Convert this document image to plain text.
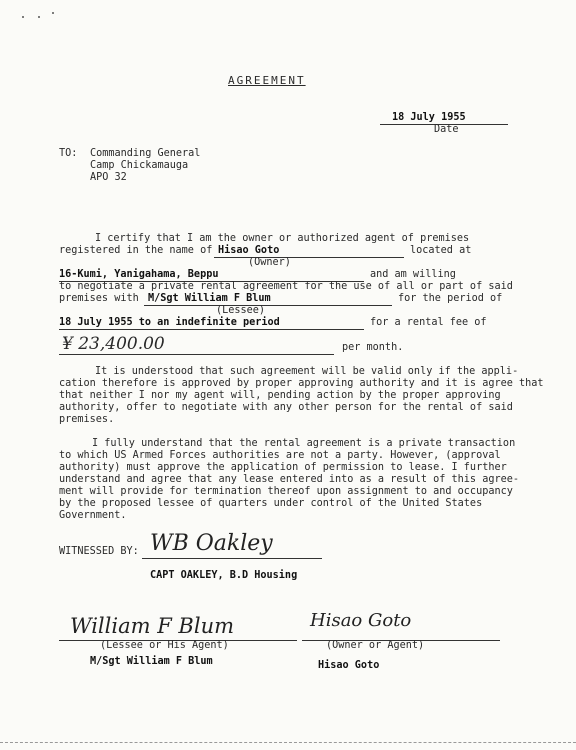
AGREEMENT
18 July 1955
Date
TO: Commanding General
Camp Chickamauga
APO 32
I certify that I am the owner or authorized agent of premises
registered in the name of Hisao Goto	located at
(Owner)
16-Kumi, Yanigahama, Beppu	and am willing
to negotiate a private rental agreement for the use of all or part of said
premises with M/Sgt William F Blum	for the period of
(Lessee)
18 July 1955 to an indefinite period	for a rental fee of
¥ 23,400.00	per month.
It is understood that such agreement will be valid only if the appli-
cation therefore is approved by proper approving authority and it is agree that
that neither I nor my agent will, pending action by the proper approving
authority, offer to negotiate with any other person for the rental of said
premises.
I fully understand that the rental agreement is a private transaction
to which US Armed Forces authorities are not a party. However, (approval
authority) must approve the application of permission to lease. I further
understand and agree that any lease entered into as a result of this agree-
ment will provide for termination thereof upon assignment to and occupancy
by the proposed lessee of quarters under control of the United States
Government.
WITNESSED BY: WB Oakley
CAPT OAKLEY, B.D Housing
William F Blum
(Lessee or His Agent)
M/Sgt William F Blum
Hisao Goto
(Owner or Agent)
Hisao Goto
